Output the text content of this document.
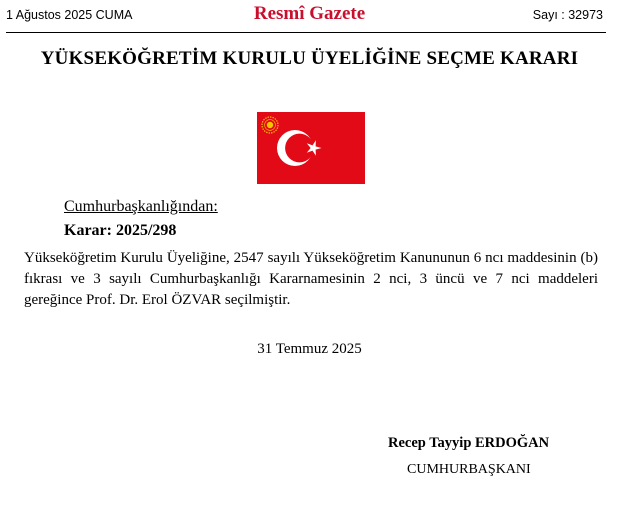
1 Ağustos 2025 CUMA	Resmî Gazete	Sayı : 32973
YÜKSEKÖĞRETİM KURULU ÜYELİĞİNE SEÇME KARARI
Cumhurbaşkanlığından:
Karar: 2025/298
Yükseköğretim Kurulu Üyeliğine, 2547 sayılı Yükseköğretim Kanununun 6 ncı maddesinin (b) fıkrası ve 3 sayılı Cumhurbaşkanlığı Kararnamesinin 2 nci, 3 üncü ve 7 nci maddeleri gereğince Prof. Dr. Erol ÖZVAR seçilmiştir.
31 Temmuz 2025
Recep Tayyip ERDOĞAN
CUMHURBAŞKANI
